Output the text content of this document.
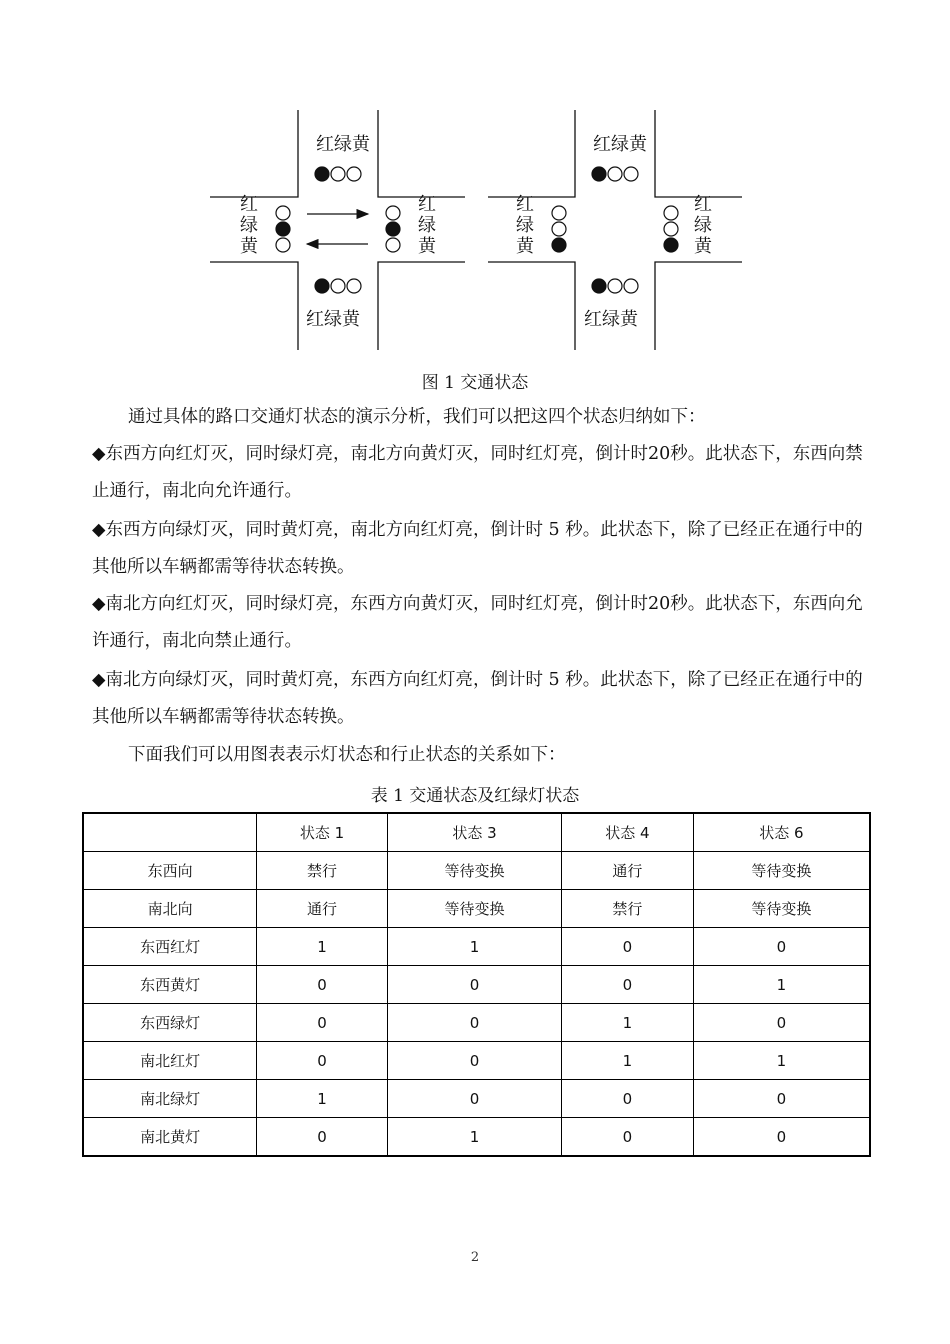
红绿黄
红绿黄
红
绿
黄
红
绿
黄
红绿黄
红绿黄
红
绿
黄
红
绿
黄
图 1 交通状态

通过具体的路口交通灯状态的演示分析，我们可以把这四个状态归纳如下：

◆东西方向红灯灭，同时绿灯亮，南北方向黄灯灭，同时红灯亮，倒计时20秒。此状态下，东西向禁止通行，南北向允许通行。

◆东西方向绿灯灭，同时黄灯亮，南北方向红灯亮，倒计时 5 秒。此状态下，除了已经正在通行中的其他所以车辆都需等待状态转换。

◆南北方向红灯灭，同时绿灯亮，东西方向黄灯灭，同时红灯亮，倒计时20秒。此状态下，东西向允许通行，南北向禁止通行。

◆南北方向绿灯灭，同时黄灯亮，东西方向红灯亮，倒计时 5 秒。此状态下，除了已经正在通行中的其他所以车辆都需等待状态转换。

下面我们可以用图表表示灯状态和行止状态的关系如下：

表 1 交通状态及红绿灯状态
	状态 1	状态 3	状态 4	状态 6
东西向	禁行	等待变换	通行	等待变换
南北向	通行	等待变换	禁行	等待变换
东西红灯	1	1	0	0
东西黄灯	0	0	0	1
东西绿灯	0	0	1	0
南北红灯	0	0	1	1
南北绿灯	1	0	0	0
南北黄灯	0	1	0	0
2
